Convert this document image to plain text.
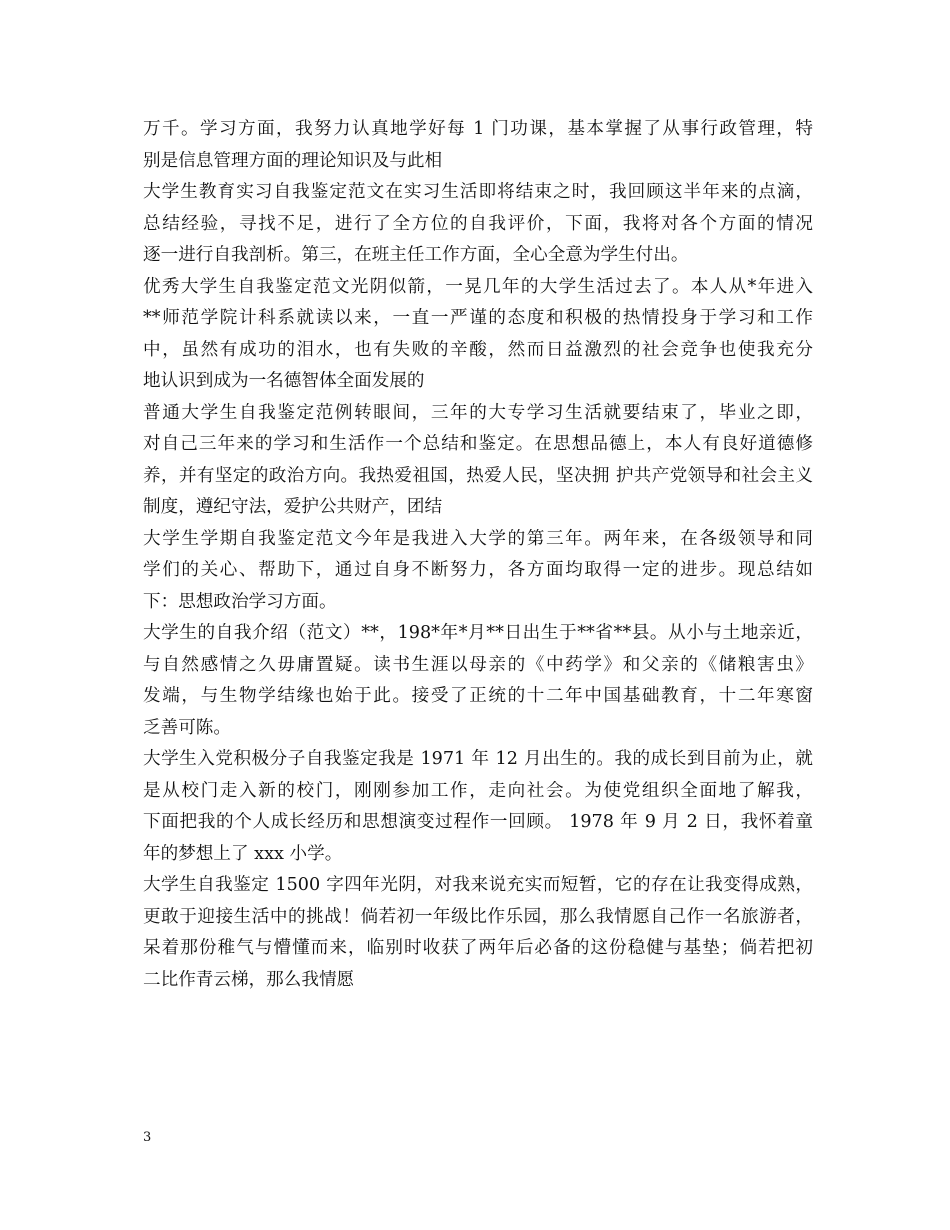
万千。学习方面，我努力认真地学好每 1 门功课，基本掌握了从事行政管理，特
别是信息管理方面的理论知识及与此相
大学生教育实习自我鉴定范文在实习生活即将结束之时，我回顾这半年来的点滴，
总结经验，寻找不足，进行了全方位的自我评价，下面，我将对各个方面的情况
逐一进行自我剖析。第三，在班主任工作方面，全心全意为学生付出。
优秀大学生自我鉴定范文光阴似箭，一晃几年的大学生活过去了。本人从*年进入
**师范学院计科系就读以来，一直一严谨的态度和积极的热情投身于学习和工作
中，虽然有成功的泪水，也有失败的辛酸，然而日益激烈的社会竞争也使我充分
地认识到成为一名德智体全面发展的
普通大学生自我鉴定范例转眼间，三年的大专学习生活就要结束了，毕业之即，
对自己三年来的学习和生活作一个总结和鉴定。在思想品德上，本人有良好道德修
养，并有坚定的政治方向。我热爱祖国，热爱人民，坚决拥 护共产党领导和社会主义
制度，遵纪守法，爱护公共财产，团结
大学生学期自我鉴定范文今年是我进入大学的第三年。两年来，在各级领导和同
学们的关心、帮助下，通过自身不断努力，各方面均取得一定的进步。现总结如
下：思想政治学习方面。
大学生的自我介绍（范文）**，198*年*月**日出生于**省**县。从小与土地亲近，
与自然感情之久毋庸置疑。读书生涯以母亲的《中药学》和父亲的《储粮害虫》
发端，与生物学结缘也始于此。接受了正统的十二年中国基础教育，十二年寒窗
乏善可陈。
大学生入党积极分子自我鉴定我是 1971 年 12 月出生的。我的成长到目前为止，就
是从校门走入新的校门，刚刚参加工作，走向社会。为使党组织全面地了解我，
下面把我的个人成长经历和思想演变过程作一回顾。 1978 年 9 月 2 日，我怀着童
年的梦想上了 xxx 小学。
大学生自我鉴定 1500 字四年光阴，对我来说充实而短暂，它的存在让我变得成熟，
更敢于迎接生活中的挑战！倘若初一年级比作乐园，那么我情愿自己作一名旅游者，
呆着那份稚气与懵懂而来，临别时收获了两年后必备的这份稳健与基垫；倘若把初
二比作青云梯，那么我情愿
3
